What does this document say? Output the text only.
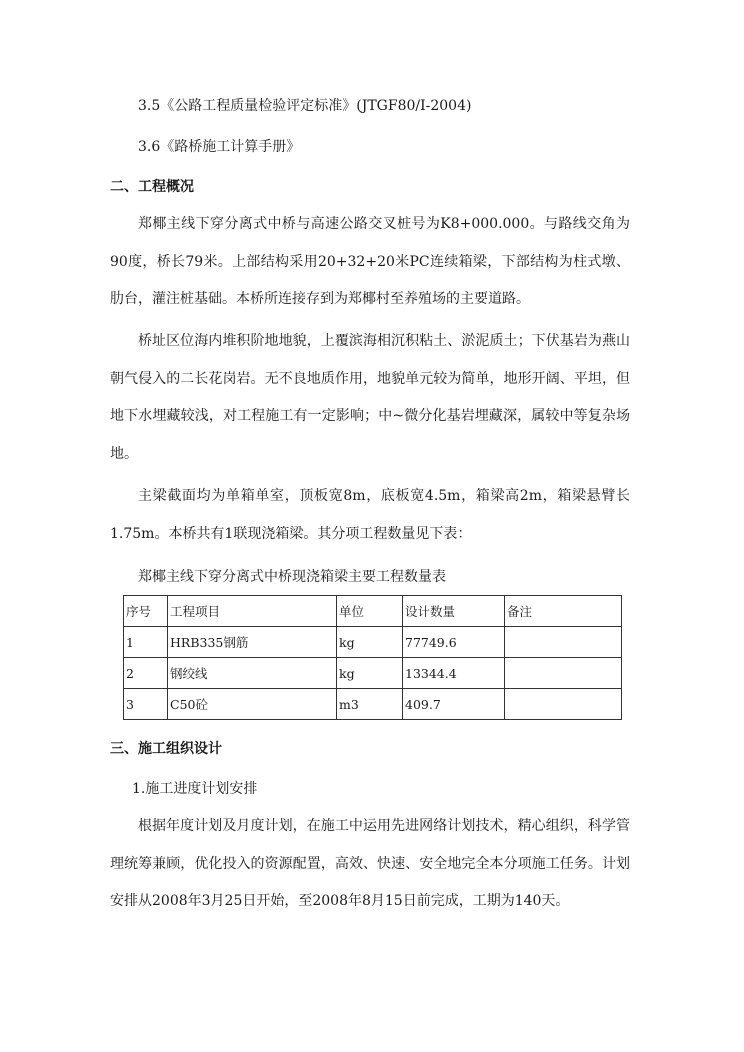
3.5《公路工程质量检验评定标准》(JTGF80/I-2004)
3.6《路桥施工计算手册》
二、工程概况
郑椰主线下穿分离式中桥与高速公路交叉桩号为K8+000.000。与路线交角为90度，桥长79米。上部结构采用20+32+20米PC连续箱梁，下部结构为柱式墩、肋台，灌注桩基础。本桥所连接存到为郑椰村至养殖场的主要道路。
桥址区位海内堆积阶地地貌，上覆滨海相沉积粘土、淤泥质土；下伏基岩为燕山朝气侵入的二长花岗岩。无不良地质作用，地貌单元较为简单，地形开阔、平坦，但地下水埋藏较浅，对工程施工有一定影响；中~微分化基岩埋藏深，属较中等复杂场地。
主梁截面均为单箱单室，顶板宽8m，底板宽4.5m，箱梁高2m，箱梁悬臂长1.75m。本桥共有1联现浇箱梁。其分项工程数量见下表：
郑椰主线下穿分离式中桥现浇箱梁主要工程数量表
序号	工程项目	单位	设计数量	备注
1	HRB335钢筋	kg	77749.6	
2	钢绞线	kg	13344.4	
3	C50砼	m3	409.7	
三、施工组织设计
1.施工进度计划安排
根据年度计划及月度计划，在施工中运用先进网络计划技术，精心组织，科学管理统筹兼顾，优化投入的资源配置，高效、快速、安全地完全本分项施工任务。计划安排从2008年3月25日开始，至2008年8月15日前完成，工期为140天。
